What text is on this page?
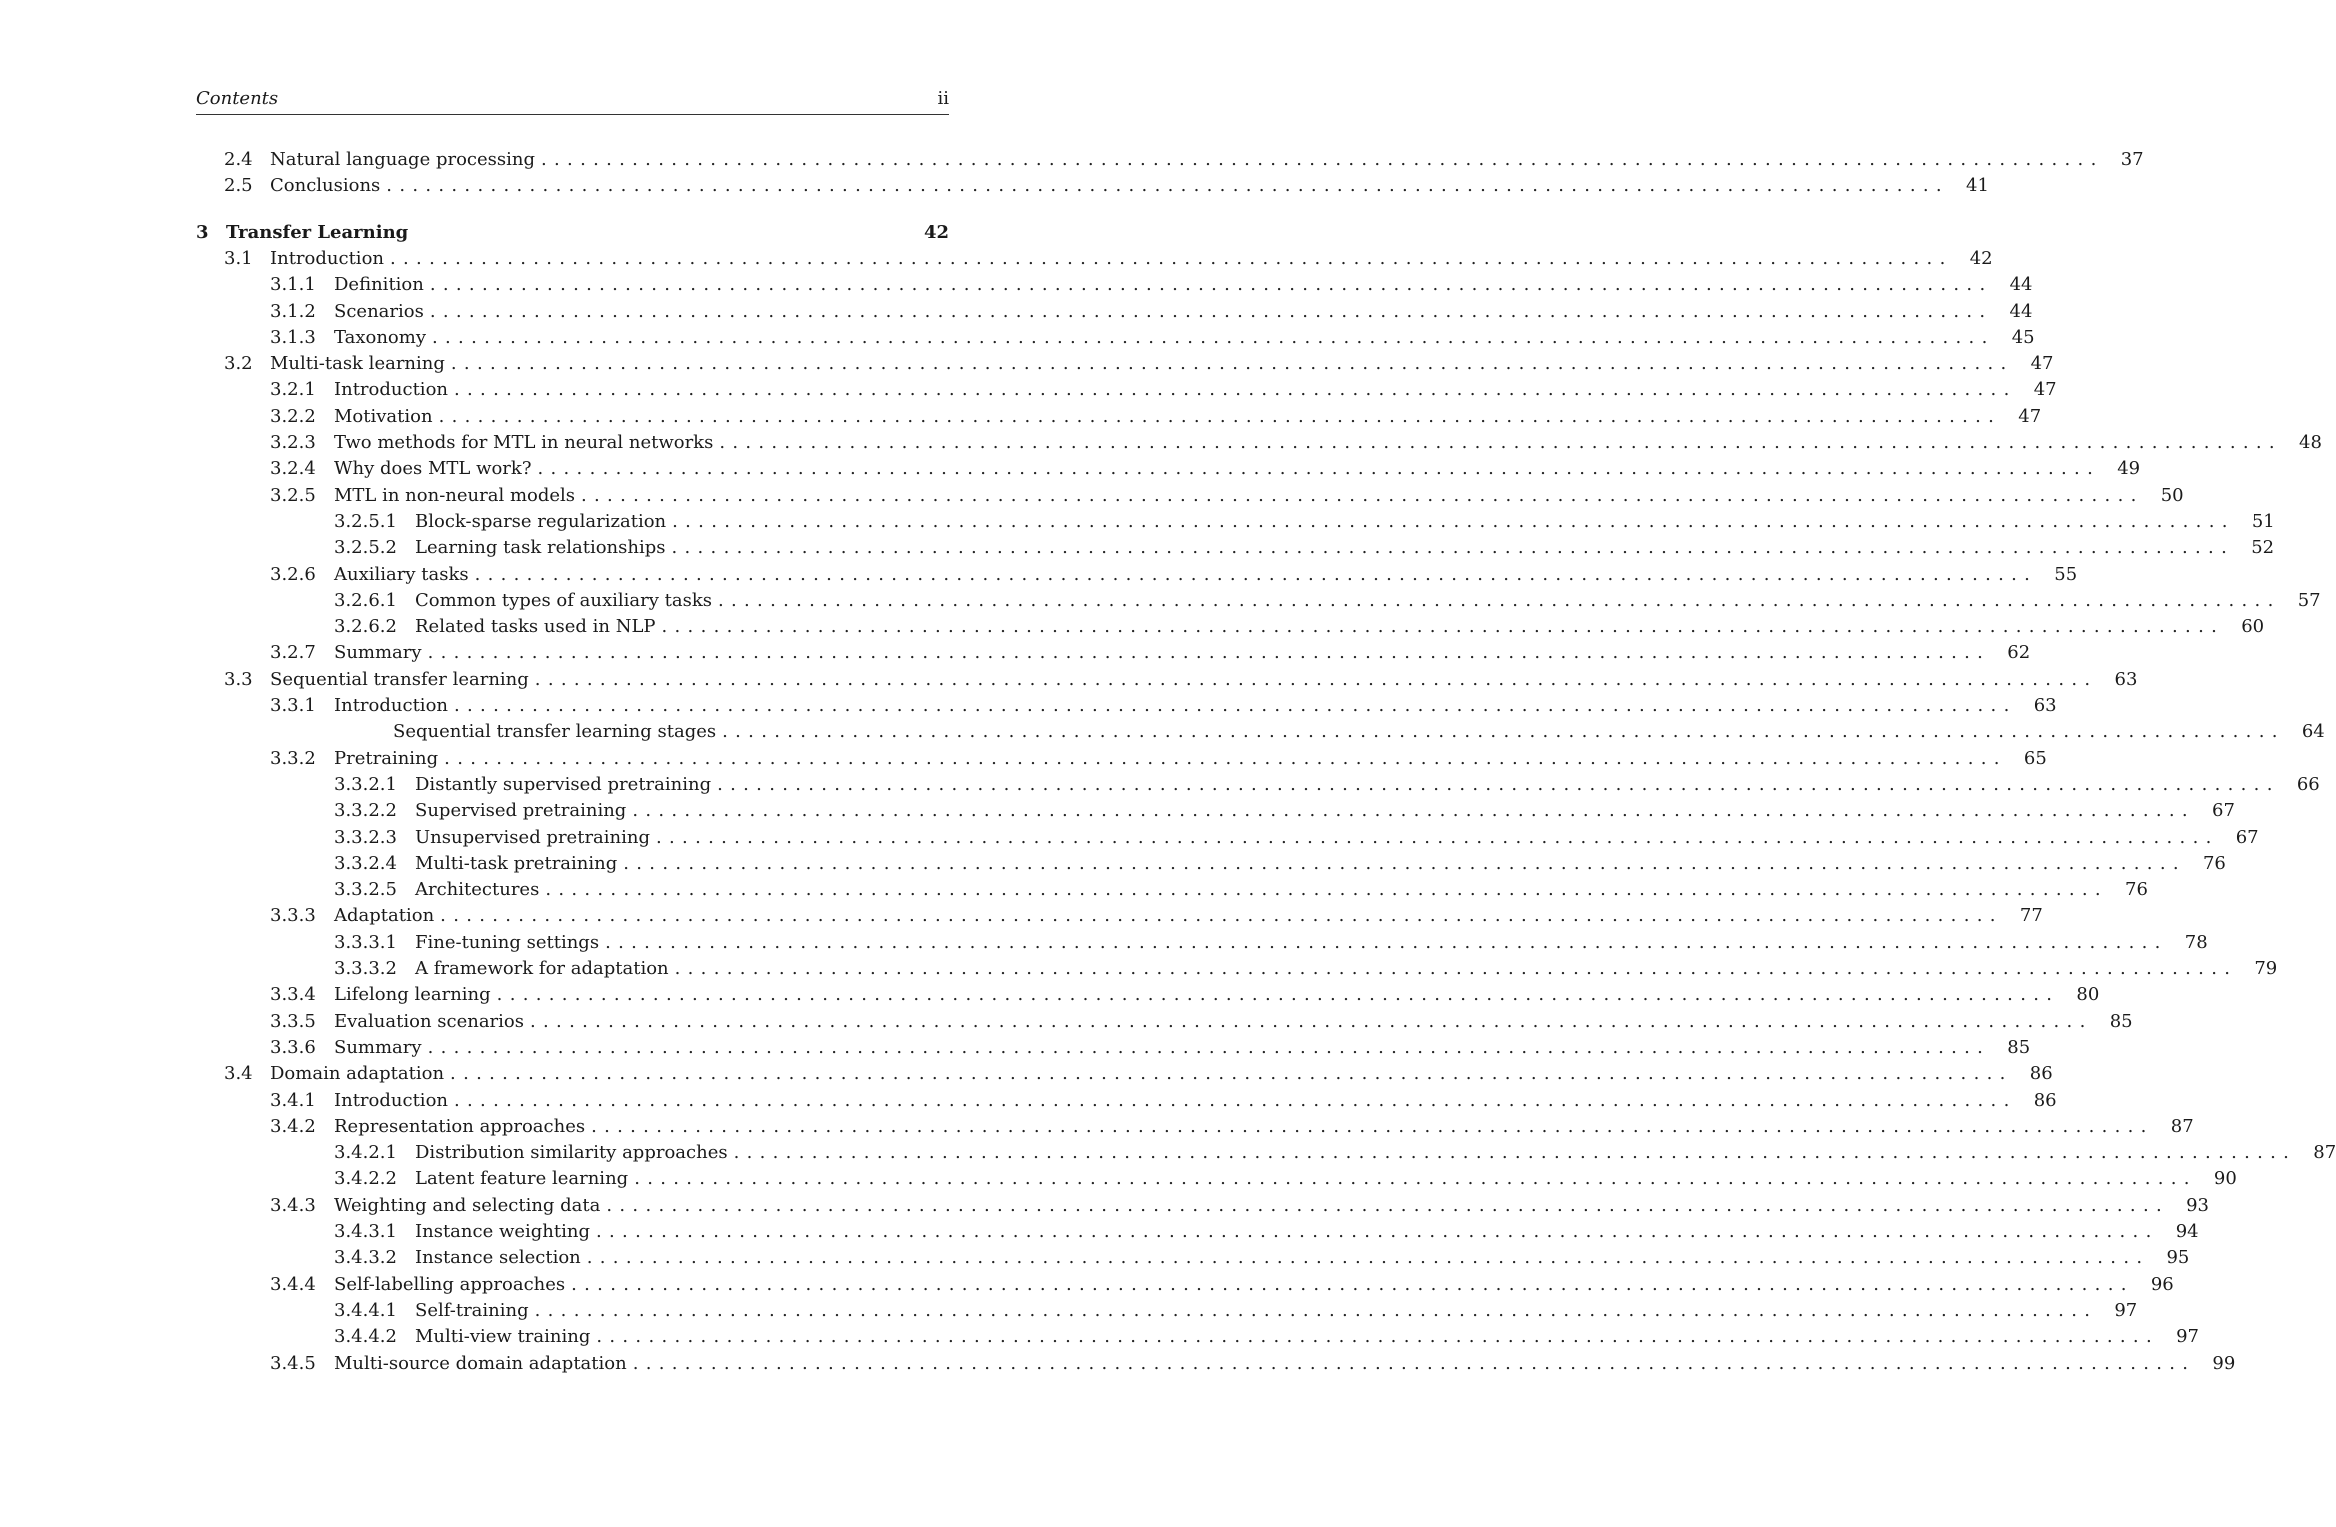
Contents	ii
2.4 Natural language processing ........................................................................................................................ 37
2.5 Conclusions ........................................................................................................................ 41
3 Transfer Learning	42
3.1 Introduction ........................................................................................................................ 42
3.1.1 Definition ........................................................................................................................ 44
3.1.2 Scenarios ........................................................................................................................ 44
3.1.3 Taxonomy ........................................................................................................................ 45
3.2 Multi-task learning ........................................................................................................................ 47
3.2.1 Introduction ........................................................................................................................ 47
3.2.2 Motivation ........................................................................................................................ 47
3.2.3 Two methods for MTL in neural networks ........................................................................................................................ 48
3.2.4 Why does MTL work? ........................................................................................................................ 49
3.2.5 MTL in non-neural models ........................................................................................................................ 50
3.2.5.1 Block-sparse regularization ........................................................................................................................ 51
3.2.5.2 Learning task relationships ........................................................................................................................ 52
3.2.6 Auxiliary tasks ........................................................................................................................ 55
3.2.6.1 Common types of auxiliary tasks ........................................................................................................................ 57
3.2.6.2 Related tasks used in NLP ........................................................................................................................ 60
3.2.7 Summary ........................................................................................................................ 62
3.3 Sequential transfer learning ........................................................................................................................ 63
3.3.1 Introduction ........................................................................................................................ 63
Sequential transfer learning stages ........................................................................................................................ 64
3.3.2 Pretraining ........................................................................................................................ 65
3.3.2.1 Distantly supervised pretraining ........................................................................................................................ 66
3.3.2.2 Supervised pretraining ........................................................................................................................ 67
3.3.2.3 Unsupervised pretraining ........................................................................................................................ 67
3.3.2.4 Multi-task pretraining ........................................................................................................................ 76
3.3.2.5 Architectures ........................................................................................................................ 76
3.3.3 Adaptation ........................................................................................................................ 77
3.3.3.1 Fine-tuning settings ........................................................................................................................ 78
3.3.3.2 A framework for adaptation ........................................................................................................................ 79
3.3.4 Lifelong learning ........................................................................................................................ 80
3.3.5 Evaluation scenarios ........................................................................................................................ 85
3.3.6 Summary ........................................................................................................................ 85
3.4 Domain adaptation ........................................................................................................................ 86
3.4.1 Introduction ........................................................................................................................ 86
3.4.2 Representation approaches ........................................................................................................................ 87
3.4.2.1 Distribution similarity approaches ........................................................................................................................ 87
3.4.2.2 Latent feature learning ........................................................................................................................ 90
3.4.3 Weighting and selecting data ........................................................................................................................ 93
3.4.3.1 Instance weighting ........................................................................................................................ 94
3.4.3.2 Instance selection ........................................................................................................................ 95
3.4.4 Self-labelling approaches ........................................................................................................................ 96
3.4.4.1 Self-training ........................................................................................................................ 97
3.4.4.2 Multi-view training ........................................................................................................................ 97
3.4.5 Multi-source domain adaptation ........................................................................................................................ 99
